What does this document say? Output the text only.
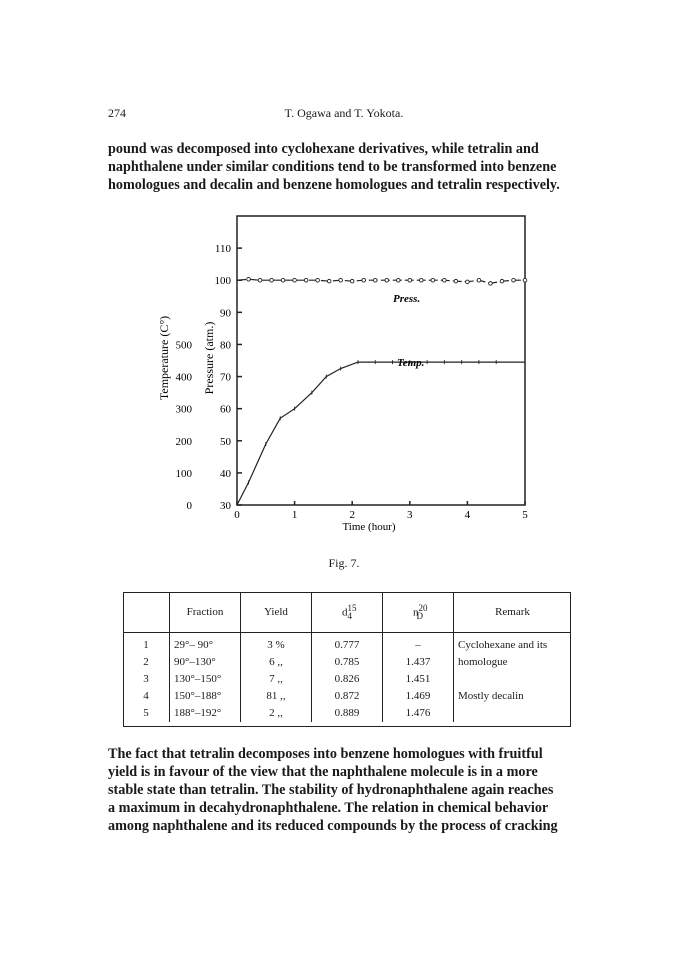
274	T. Ogawa and T. Yokota.
pound was decomposed into cyclohexane derivatives, while tetralin and
naphthalene under similar conditions tend to be transformed into benzene
homologues and decalin and benzene homologues and tetralin respectively.
0	1	2	3	4	5
30
40
50
60
70
80
90
100
110
0
100
200
300
400
500
Time (hour)
Temperature (C°)	Pressure (atm.)
Press.
Temp.
Fig. 7.
	Fraction	Yield	$d^{15}_4$	$n^{20}_D$	Remark
1	29°– 90°	3 %	0.777	–	Cyclohexane and its
2	90°–130°	6 ,,	0.785	1.437	homologue
3	130°–150°	7 ,,	0.826	1.451	
4	150°–188°	81 ,,	0.872	1.469	Mostly decalin
5	188°–192°	2 ,,	0.889	1.476	
The fact that tetralin decomposes into benzene homologues with fruitful
yield is in favour of the view that the naphthalene molecule is in a more
stable state than tetralin. The stability of hydronaphthalene again reaches
a maximum in decahydronaphthalene. The relation in chemical behavior
among naphthalene and its reduced compounds by the process of cracking
